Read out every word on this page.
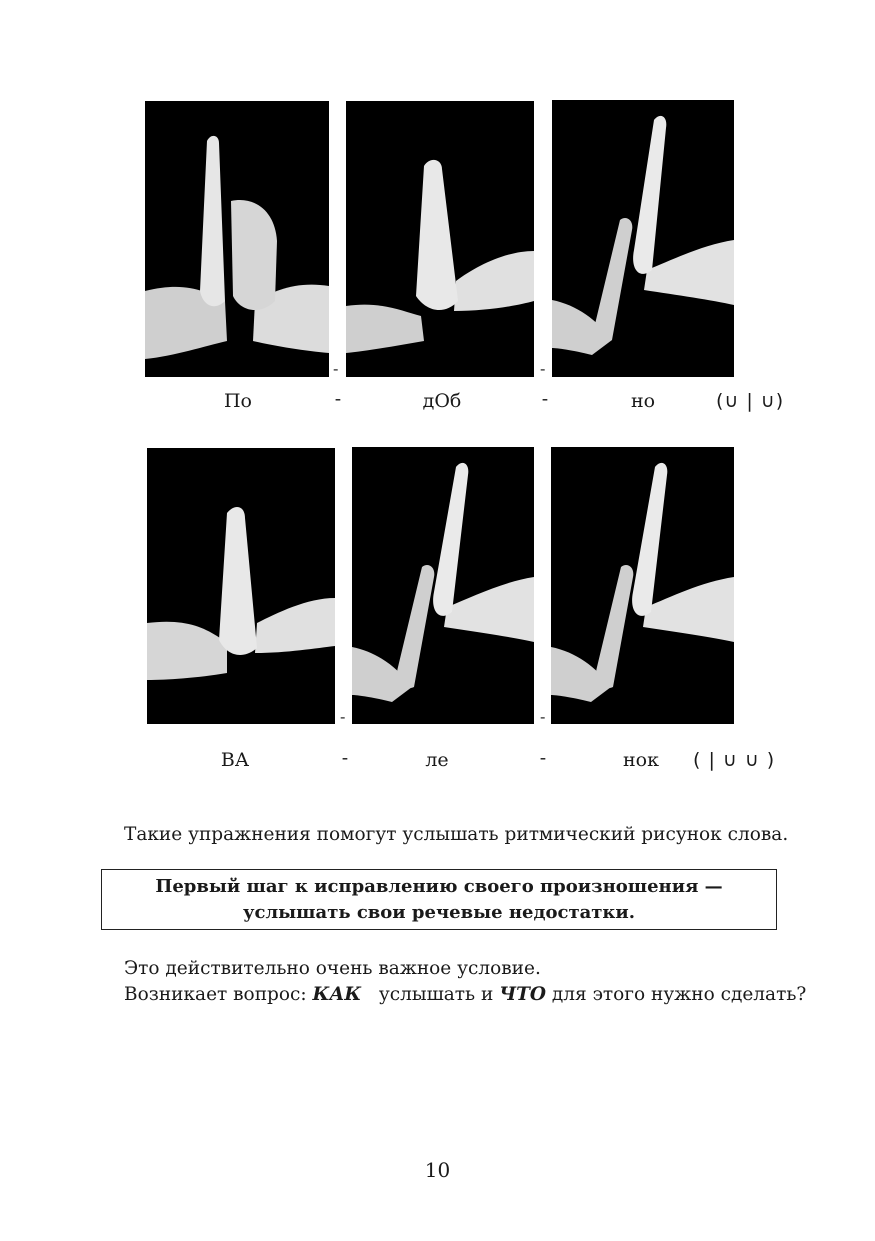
-	-
По	-	дОб	-	но	(∪ | ∪)
-	-
ВА	-	ле	-	нок ( | ∪ ∪ )
Такие упражнения помогут услышать ритмический рисунок слова.
Первый шаг к исправлению своего произношения —
услышать свои речевые недостатки.
Это действительно очень важное условие.
Возникает вопрос: КАК   услышать и ЧТО для этого нужно сделать?
10
